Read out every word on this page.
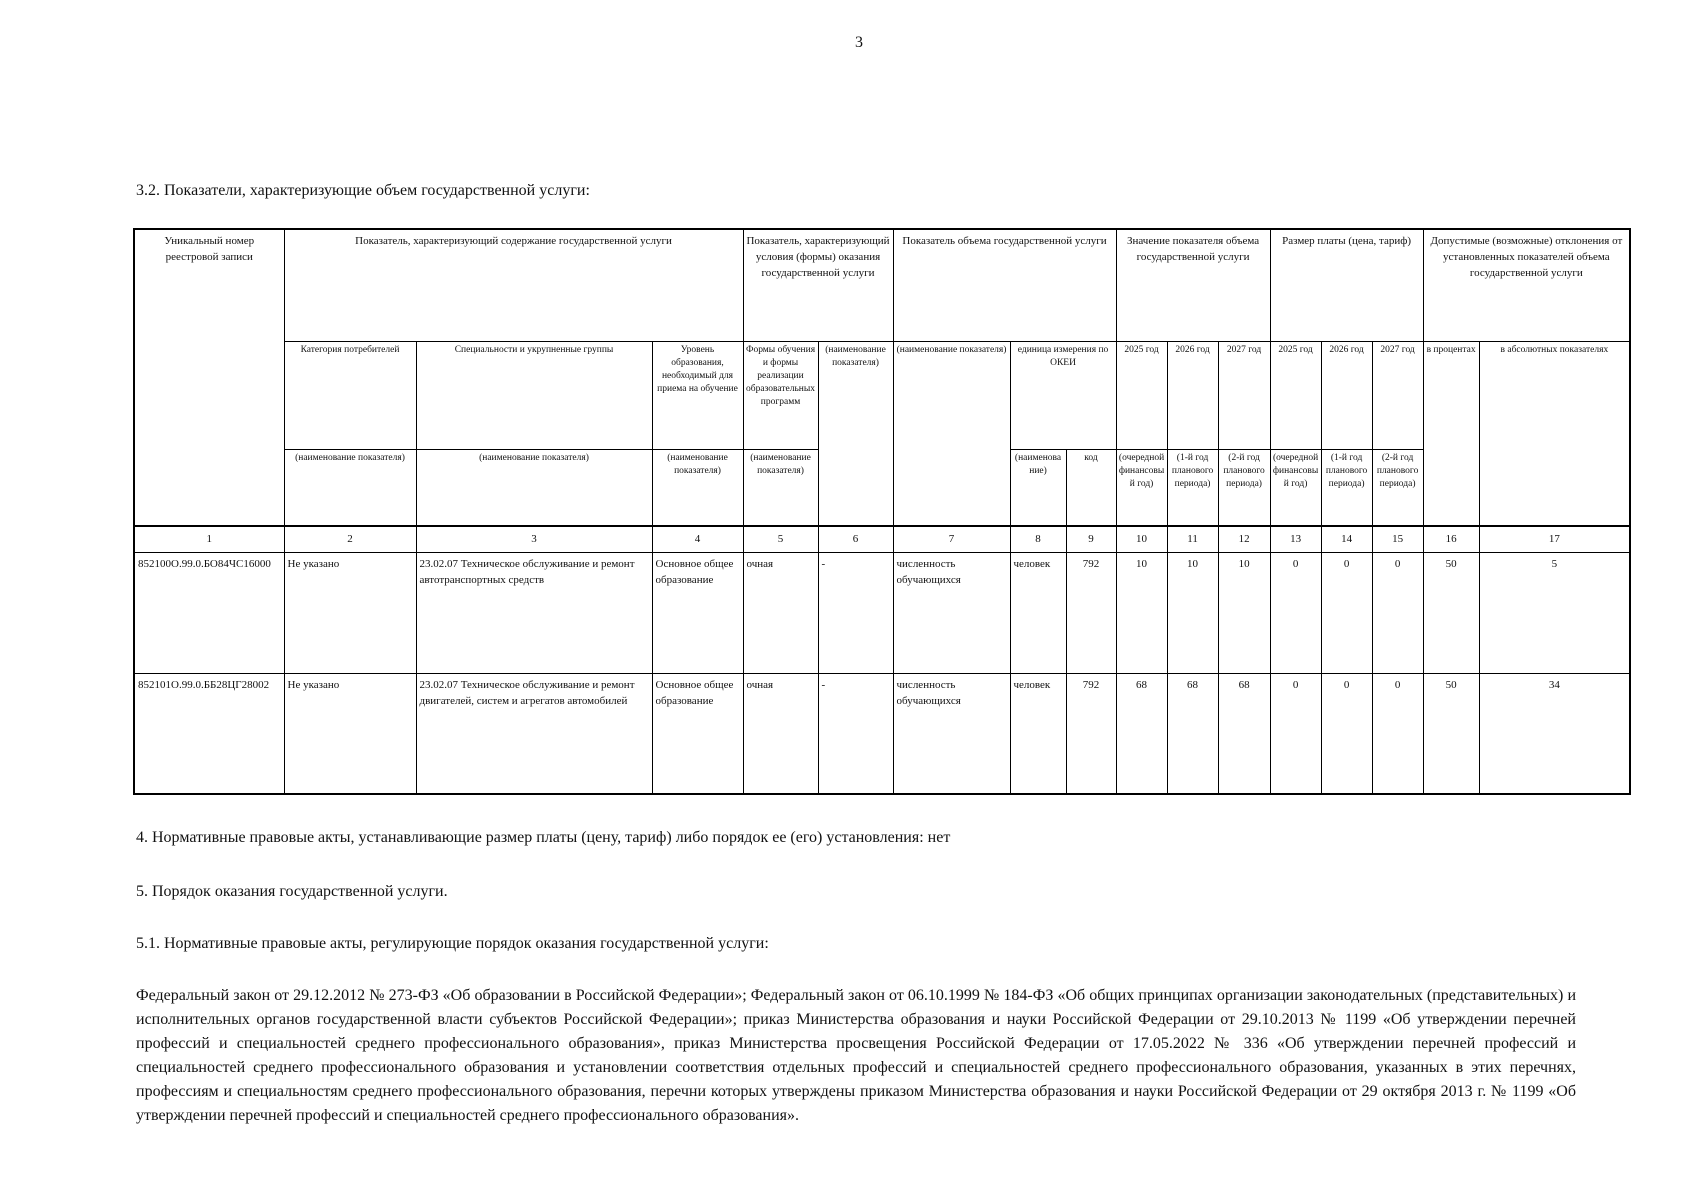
3
3.2. Показатели, характеризующие объем государственной услуги:
Уникальный номер реестровой записи	Показатель, характеризующий содержание государственной услуги			Показатель, характеризующий условия (формы) оказания государственной услуги		Показатель объема государственной услуги			Значение показателя объема государственной услуги			Размер платы (цена, тариф)			Допустимые (возможные) отклонения от установленных показателей объема государственной услуги	
	Категория потребителей	Специальности и укрупненные группы	Уровень образования, необходимый для приема на обучение	Формы обучения и формы реализации образовательных программ	(наименование показателя)	(наименование показателя)	единица измерения по ОКЕИ		2025 год	2026 год	2027 год	2025 год	2026 год	2027 год	в процентах	в абсолютных показателях
	(наименование показателя)	(наименование показателя)	(наименование показателя)	(наименование показателя)			(наименование)	код	(очередной финансовый год)	(1-й год планового периода)	(2-й год планового периода)	(очередной финансовый год)	(1-й год планового периода)	(2-й год планового периода)		
1	2	3	4	5	6	7	8	9	10	11	12	13	14	15	16	17
852100О.99.0.БО84ЧС16000	Не указано	23.02.07 Техническое обслуживание и ремонт автотранспортных средств	Основное общее образование	очная	-	численность обучающихся	человек	792	10	10	10	0	0	0	50	5
852101О.99.0.ББ28ЦГ28002	Не указано	23.02.07 Техническое обслуживание и ремонт двигателей, систем и агрегатов автомобилей	Основное общее образование	очная	-	численность обучающихся	человек	792	68	68	68	0	0	0	50	34
4. Нормативные правовые акты, устанавливающие размер платы (цену, тариф) либо порядок ее (его) установления: нет
5. Порядок оказания государственной услуги.
5.1. Нормативные правовые акты, регулирующие порядок оказания государственной услуги:

Федеральный закон от 29.12.2012 № 273-ФЗ «Об образовании в Российской Федерации»; Федеральный закон от 06.10.1999 № 184-ФЗ «Об общих принципах организации законодательных (представительных) и исполнительных органов государственной власти субъектов Российской Федерации»; приказ Министерства образования и науки Российской Федерации от 29.10.2013 № 1199 «Об утверждении перечней профессий и специальностей среднего профессионального образования», приказ Министерства просвещения Российской Федерации от 17.05.2022 № 336 «Об утверждении перечней профессий и специальностей среднего профессионального образования и установлении соответствия отдельных профессий и специальностей среднего профессионального образования, указанных в этих перечнях, профессиям и специальностям среднего профессионального образования, перечни которых утверждены приказом Министерства образования и науки Российской Федерации от 29 октября 2013 г. № 1199 «Об утверждении перечней профессий и специальностей среднего профессионального образования».
